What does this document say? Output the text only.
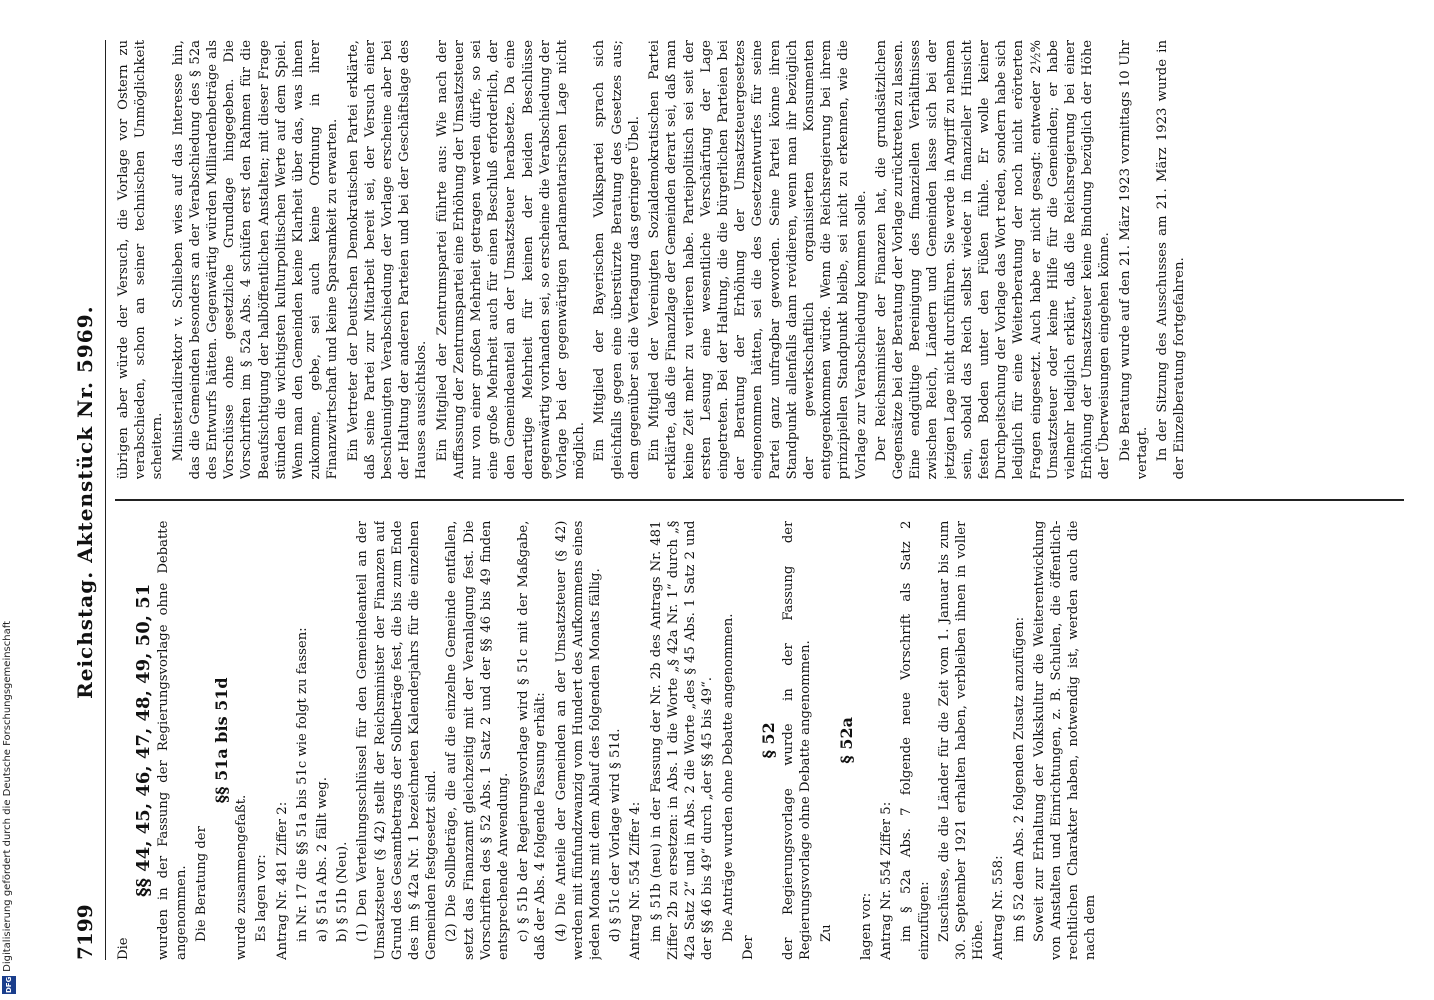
DFG
Digitalisierung gefördert durch die Deutsche Forschungsgemeinschaft	7199
Reichstag. Aktenstück Nr. 5969.

Die

§§ 44, 45, 46, 47, 48, 49, 50, 51 wurden in der Fassung der Regierungsvorlage ohne Debatte angenommen. Die Beratung der

§§ 51a bis 51d

wurde zusammengefaßt. Es lagen vor: Antrag Nr. 481 Ziffer 2: in Nr. 17 die §§ 51a bis 51c wie folgt zu fassen: a) § 51a Abs. 2 fällt weg. b) § 51b (Neu). (1) Den Verteilungsschlüssel für den Gemeindeanteil an der Umsatzsteuer (§ 42) stellt der Reichsminister der Finanzen auf Grund des Gesamtbetrags der Sollbeträge fest, die bis zum Ende des im § 42a Nr. 1 bezeichneten Kalenderjahrs für die einzelnen Gemeinden festgesetzt sind. (2) Die Sollbeträge, die auf die einzelne Gemeinde entfallen, setzt das Finanzamt gleichzeitig mit der Veranlagung fest. Die Vorschriften des § 52 Abs. 1 Satz 2 und der §§ 46 bis 49 finden entsprechende Anwendung. c) § 51b der Regierungsvorlage wird § 51c mit der Maßgabe, daß der Abs. 4 folgende Fassung erhält: (4) Die Anteile der Gemeinden an der Umsatzsteuer (§ 42) werden mit fünfundzwanzig vom Hundert des Aufkommens eines jeden Monats mit dem Ablauf des folgenden Monats fällig. d) § 51c der Vorlage wird § 51d. Antrag Nr. 554 Ziffer 4: im § 51b (neu) in der Fassung der Nr. 2b des Antrags Nr. 481 Ziffer 2b zu ersetzen: in Abs. 1 die Worte „§ 42a Nr. 1“ durch „§ 42a Satz 2“ und in Abs. 2 die Worte „des § 45 Abs. 1 Satz 2 und der §§ 46 bis 49“ durch „der §§ 45 bis 49“. Die Anträge wurden ohne Debatte angenommen.

Der

§ 52 der Regierungsvorlage wurde in der Fassung der Regierungsvorlage ohne Debatte angenommen. Zu

§ 52a

lagen vor: Antrag Nr. 554 Ziffer 5: im § 52a Abs. 7 folgende neue Vorschrift als Satz 2 einzufügen: Zuschüsse, die die Länder für die Zeit vom 1. Januar bis zum 30. September 1921 erhalten haben, verbleiben ihnen in voller Höhe. Antrag Nr. 558: im § 52 dem Abs. 2 folgenden Zusatz anzufügen: Soweit zur Erhaltung der Volkskultur die Weiterentwicklung von Anstalten und Einrichtungen, z. B. Schulen, die öffentlich-rechtlichen Charakter haben, notwendig ist, werden auch die nach dem

übrigen aber würde der Versuch, die Vorlage vor Ostern zu verabschieden, schon an seiner technischen Unmöglichkeit scheitern. Ministerialdirektor v. Schlieben wies auf das Interesse hin, das die Gemeinden besonders an der Verabschiedung des § 52a des Entwurfs hätten. Gegenwärtig würden Milliardenbeträge als Vorschüsse ohne gesetzliche Grundlage hingegeben. Die Vorschriften im § 52a Abs. 4 schüfen erst den Rahmen für die Beaufsichtigung der halböffentlichen Anstalten; mit dieser Frage stünden die wichtigsten kulturpolitischen Werte auf dem Spiel. Wenn man den Gemeinden keine Klarheit über das, was ihnen zukomme, gebe, sei auch keine Ordnung in ihrer Finanzwirtschaft und keine Sparsamkeit zu erwarten. Ein Vertreter der Deutschen Demokratischen Partei erklärte, daß seine Partei zur Mitarbeit bereit sei, der Versuch einer beschleunigten Verabschiedung der Vorlage erscheine aber bei der Haltung der anderen Parteien und bei der Geschäftslage des Hauses aussichtslos. Ein Mitglied der Zentrumspartei führte aus: Wie nach der Auffassung der Zentrumspartei eine Erhöhung der Umsatzsteuer nur von einer großen Mehrheit getragen werden dürfe, so sei eine große Mehrheit auch für einen Beschluß erforderlich, der den Gemeindeanteil an der Umsatzsteuer herabsetze. Da eine derartige Mehrheit für keinen der beiden Beschlüsse gegenwärtig vorhanden sei, so erscheine die Verabschiedung der Vorlage bei der gegenwärtigen parlamentarischen Lage nicht möglich. Ein Mitglied der Bayerischen Volkspartei sprach sich gleichfalls gegen eine überstürzte Beratung des Gesetzes aus; dem gegenüber sei die Vertagung das geringere Übel. Ein Mitglied der Vereinigten Sozialdemokratischen Partei erklärte, daß die Finanzlage der Gemeinden derart sei, daß man keine Zeit mehr zu verlieren habe. Parteipolitisch sei seit der ersten Lesung eine wesentliche Verschärfung der Lage eingetreten. Bei der Haltung, die die bürgerlichen Parteien bei der Beratung der Erhöhung der Umsatzsteuergesetzes eingenommen hätten, sei die des Gesetzentwurfes für seine Partei ganz unfragbar geworden. Seine Partei könne ihren Standpunkt allenfalls dann revidieren, wenn man ihr bezüglich der gewerkschaftlich organisierten Konsumenten entgegenkommen würde. Wenn die Reichsregierung bei ihrem prinzipiellen Standpunkt bleibe, sei nicht zu erkennen, wie die Vorlage zur Verabschiedung kommen solle. Der Reichsminister der Finanzen hat, die grundsätzlichen Gegensätze bei der Beratung der Vorlage zurücktreten zu lassen. Eine endgültige Bereinigung des finanziellen Verhältnisses zwischen Reich, Ländern und Gemeinden lasse sich bei der jetzigen Lage nicht durchführen. Sie werde in Angriff zu nehmen sein, sobald das Reich selbst wieder in finanzieller Hinsicht festen Boden unter den Füßen fühle. Er wolle keiner Durchpeitschung der Vorlage das Wort reden, sondern habe sich lediglich für eine Weiterberatung der noch nicht erörterten Fragen eingesetzt. Auch habe er nicht gesagt: entweder 2½% Umsatzsteuer oder keine Hilfe für die Gemeinden; er habe vielmehr lediglich erklärt, daß die Reichsregierung bei einer Erhöhung der Umsatzsteuer keine Bindung bezüglich der Höhe der Überweisungen eingehen könne. Die Beratung wurde auf den 21. März 1923 vormittags 10 Uhr vertagt. In der Sitzung des Ausschusses am 21. März 1923 wurde in der Einzelberatung fortgefahren.
